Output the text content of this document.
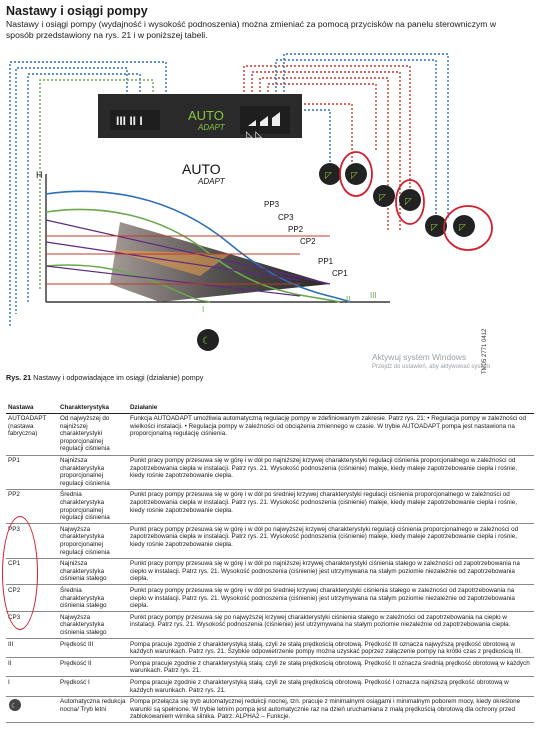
Nastawy i osiągi pompy
Nastawy i osiągi pompy (wydajność i wysokość podnoszenia) można zmieniać za pomocą przycisków na panelu sterowniczym w sposób przedstawiony na rys. 21 i w poniższej tabeli.
III II I	AUTO
ADAPT
◺ ◺
AUTO
ADAPT
H
PP3
CP3
PP2
CP2
PP1
CP1
III
II
I
◸ ◸
◸ ◸
◸ ◸
☾	TM05 2771 0412
Aktywuj system Windows
Przejdź do ustawień, aby aktywować system
Rys. 21 Nastawy i odpowiadające im osiągi (działanie) pompy
Nastawa	Charakterystyka	Działanie
AUTOADAPT (nastawa fabryczna)	Od najwyższej do najniższej charakterystyki proporcjonalnej regulacji ciśnienia	Funkcja AUTOADAPT umożliwia automatyczną regulację pompy w zdefiniowanym zakresie. Patrz rys. 21: • Regulacja pompy w zależności od wielkości instalacji. • Regulacja pompy w zależności od obciążenia zmiennego w czasie. W trybie AUTOADAPT pompa jest nastawiona na proporcjonalną regulację ciśnienia.
PP1	Najniższa charakterystyka proporcjonalnej regulacji ciśnienia	Punkt pracy pompy przesuwa się w górę i w dół po najniższej krzywej charakterystyki regulacji ciśnienia proporcjonalnego w zależności od zapotrzebowania ciepła w instalacji. Patrz rys. 21. Wysokość podnoszenia (ciśnienie) maleje, kiedy maleje zapotrzebowanie ciepła i rośnie, kiedy rośnie zapotrzebowanie ciepła.
PP2	Średnia charakterystyka proporcjonalnej regulacji ciśnienia	Punkt pracy pompy przesuwa się w górę i w dół po średniej krzywej charakterystyki regulacji ciśnienia proporcjonalnego w zależności od zapotrzebowania ciepła w instalacji. Patrz rys. 21. Wysokość podnoszenia (ciśnienie) maleje, kiedy maleje zapotrzebowanie ciepła i rośnie, kiedy rośnie zapotrzebowanie ciepła.
PP3	Najwyższa charakterystyka proporcjonalnej regulacji ciśnienia	Punkt pracy pompy przesuwa się w górę i w dół po najwyższej krzywej charakterystyki regulacji ciśnienia proporcjonalnego w zależności od zapotrzebowania ciepła w instalacji. Patrz rys. 21. Wysokość podnoszenia (ciśnienie) maleje, kiedy maleje zapotrzebowanie ciepła i rośnie, kiedy rośnie zapotrzebowanie ciepła.
CP1	Najniższa charakterystyka ciśnienia stałego	Punkt pracy pompy przesuwa się w górę i w dół po najniższej krzywej charakterystyki ciśnienia stałego w zależności od zapotrzebowania na ciepło w instalacji. Patrz rys. 21. Wysokość podnoszenia (ciśnienie) jest utrzymywana na stałym poziomie niezależnie od zapotrzebowania ciepła.
CP2	Średnia charakterystyka ciśnienia stałego	Punkt pracy pompy przesuwa się w górę i w dół po średniej krzywej charakterystyki ciśnienia stałego w zależności od zapotrzebowania na ciepło w instalacji. Patrz rys. 21. Wysokość podnoszenia (ciśnienie) jest utrzymywana na stałym poziomie niezależnie od zapotrzebowania ciepła.
CP3	Najwyższa charakterystyka ciśnienia stałego	Punkt pracy pompy przesuwa się po najwyższej krzywej charakterystyki ciśnienia stałego w zależności od zapotrzebowania na ciepło w instalacji. Patrz rys. 21. Wysokość podnoszenia (ciśnienie) jest utrzymywana na stałym poziomie niezależnie od zapotrzebowania ciepła.
III	Prędkość III	Pompa pracuje zgodnie z charakterystyką stałą, czyli ze stałą prędkością obrotową. Prędkość III oznacza najwyższą prędkość obrotową w każdych warunkach. Patrz rys. 21. Szybkie odpowietrzenie pompy można uzyskać poprzez załączenie pompy na krótki czas z prędkością III.
II	Prędkość II	Pompa pracuje zgodnie z charakterystyką stałą, czyli ze stałą prędkością obrotową. Prędkość II oznacza średnią prędkość obrotową w każdych warunkach. Patrz rys. 21.
I	Prędkość I	Pompa pracuje zgodnie z charakterystyką stałą, czyli ze stałą prędkością obrotową. Prędkość I oznacza najniższą prędkość obrotową w każdych warunkach. Patrz rys. 21.

☾	Automatyczna redukcja nocna/ Tryb letni	Pompa przełącza się tryb automatycznej redukcji nocnej, tzn. pracuje z minimalnymi osiągami i minimalnym poborem mocy, kiedy określone warunki są spełnione. W trybie letnim pompa jest automatycznie raz na dzień uruchamiana z małą prędkością obrotową dla ochrony przed zablokowaniem wirnika silnika. Patrz: ALPHA2 – Funkcje.
